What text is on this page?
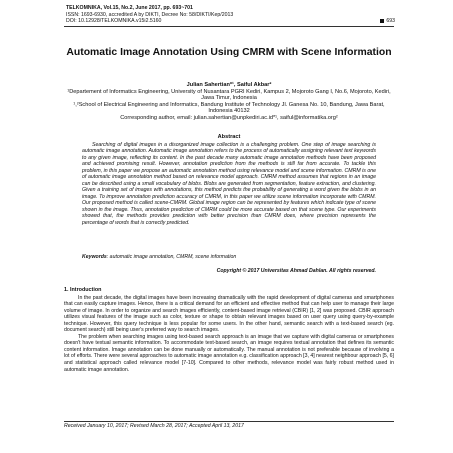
TELKOMNIKA, Vol.15, No.2, June 2017, pp. 693~701
ISSN: 1693-6930, accredited A by DIKTI, Decree No: 58/DIKTI/Kep/2013
DOI: 10.12928/TELKOMNIKA.v15i2.5160	693
Automatic Image Annotation Using CMRM with Scene Information
Julian Sahertian*¹, Saiful Akbar²
¹Departement of Informatics Engineering, University of Nusantara PGRI Kediri, Kampus 2, Mojoroto Gang I, No.6, Mojoroto, Kediri, Jawa Timur, Indonesia
¹,²School of Electrical Engineering and Informatics, Bandung Institute of Technology Jl. Ganesa No. 10, Bandung, Jawa Barat, Indonesia 40132
Corresponding author, email: julian.sahertian@unpkediri.ac.id*¹, saiful@informatika.org²
Abstract

Searching of digital images in a disorganized image collection is a challenging problem. One step of image searching is automatic image annotation. Automatic image annotation refers to the process of automatically assigning relevant text keywords to any given image, reflecting its content. In the past decade many automatic image annotation methods have been proposed and achieved promising result. However, annotation prediction from the methods is still far from accurate. To tackle this problem, in this paper we propose an automatic annotation method using relevance model and scene information. CMRM is one of automatic image annotation method based on relevance model approach. CMRM method assumes that regions in an image can be described using a small vocabulary of blobs. Blobs are generated from segmentation, feature extraction, and clustering. Given a training set of images with annotations, this method predicts the probability of generating a word given the blobs in an image. To improve annotation prediction accuracy of CMRM, in this paper we utilize scene information incorporate with CMRM. Our proposed method is called scene-CMRM. Global image region can be represented by features which indicate type of scene shown in the image. Thus, annotation prediction of CMRM could be more accurate based on that scene type. Our experiments showed that, the methods provides prediction with better precision than CMRM does, where precision represents the percentage of words that is correctly predicted.

Keywords: automatic image annotation, CMRM, scene information
Copyright © 2017 Universitas Ahmad Dahlan. All rights reserved.
1. Introduction

In the past decade, the digital images have been increasing dramatically with the rapid development of digital cameras and smartphones that can easily capture images. Hence, there is a critical demand for an efficient and effective method that can help user to manage their large volume of image. In order to organize and search images efficiently, content-based image retrieval (CBIR) [1, 2] was proposed. CBIR approach utilizes visual features of the image such as color, texture or shape to obtain relevant images based on user query using query-by-example technique. However, this query technique is less popular for some users. In the other hand, semantic search with a text-based search (eg. document search) still being user's preferred way to search images.

The problem when searching images using text-based search approach is an image that we capture with digital cameras or smartphones doesn't have textual semantic information. To accommodate text-based search, an image requires textual annotation that defines its semantic content information. Image annotation can be done manually or automatically. The manual annotation is not preferable because of involving a lot of efforts. There were several approaches to automatic image annotation e.g. classification approach [3, 4] nearest neighbour approach [5, 6] and statistical approach called relevance model [7-10]. Compared to other methods, relevance model was fairly robust method used in automatic image annotation.

Received January 10, 2017; Revised March 28, 2017; Accepted April 13, 2017
